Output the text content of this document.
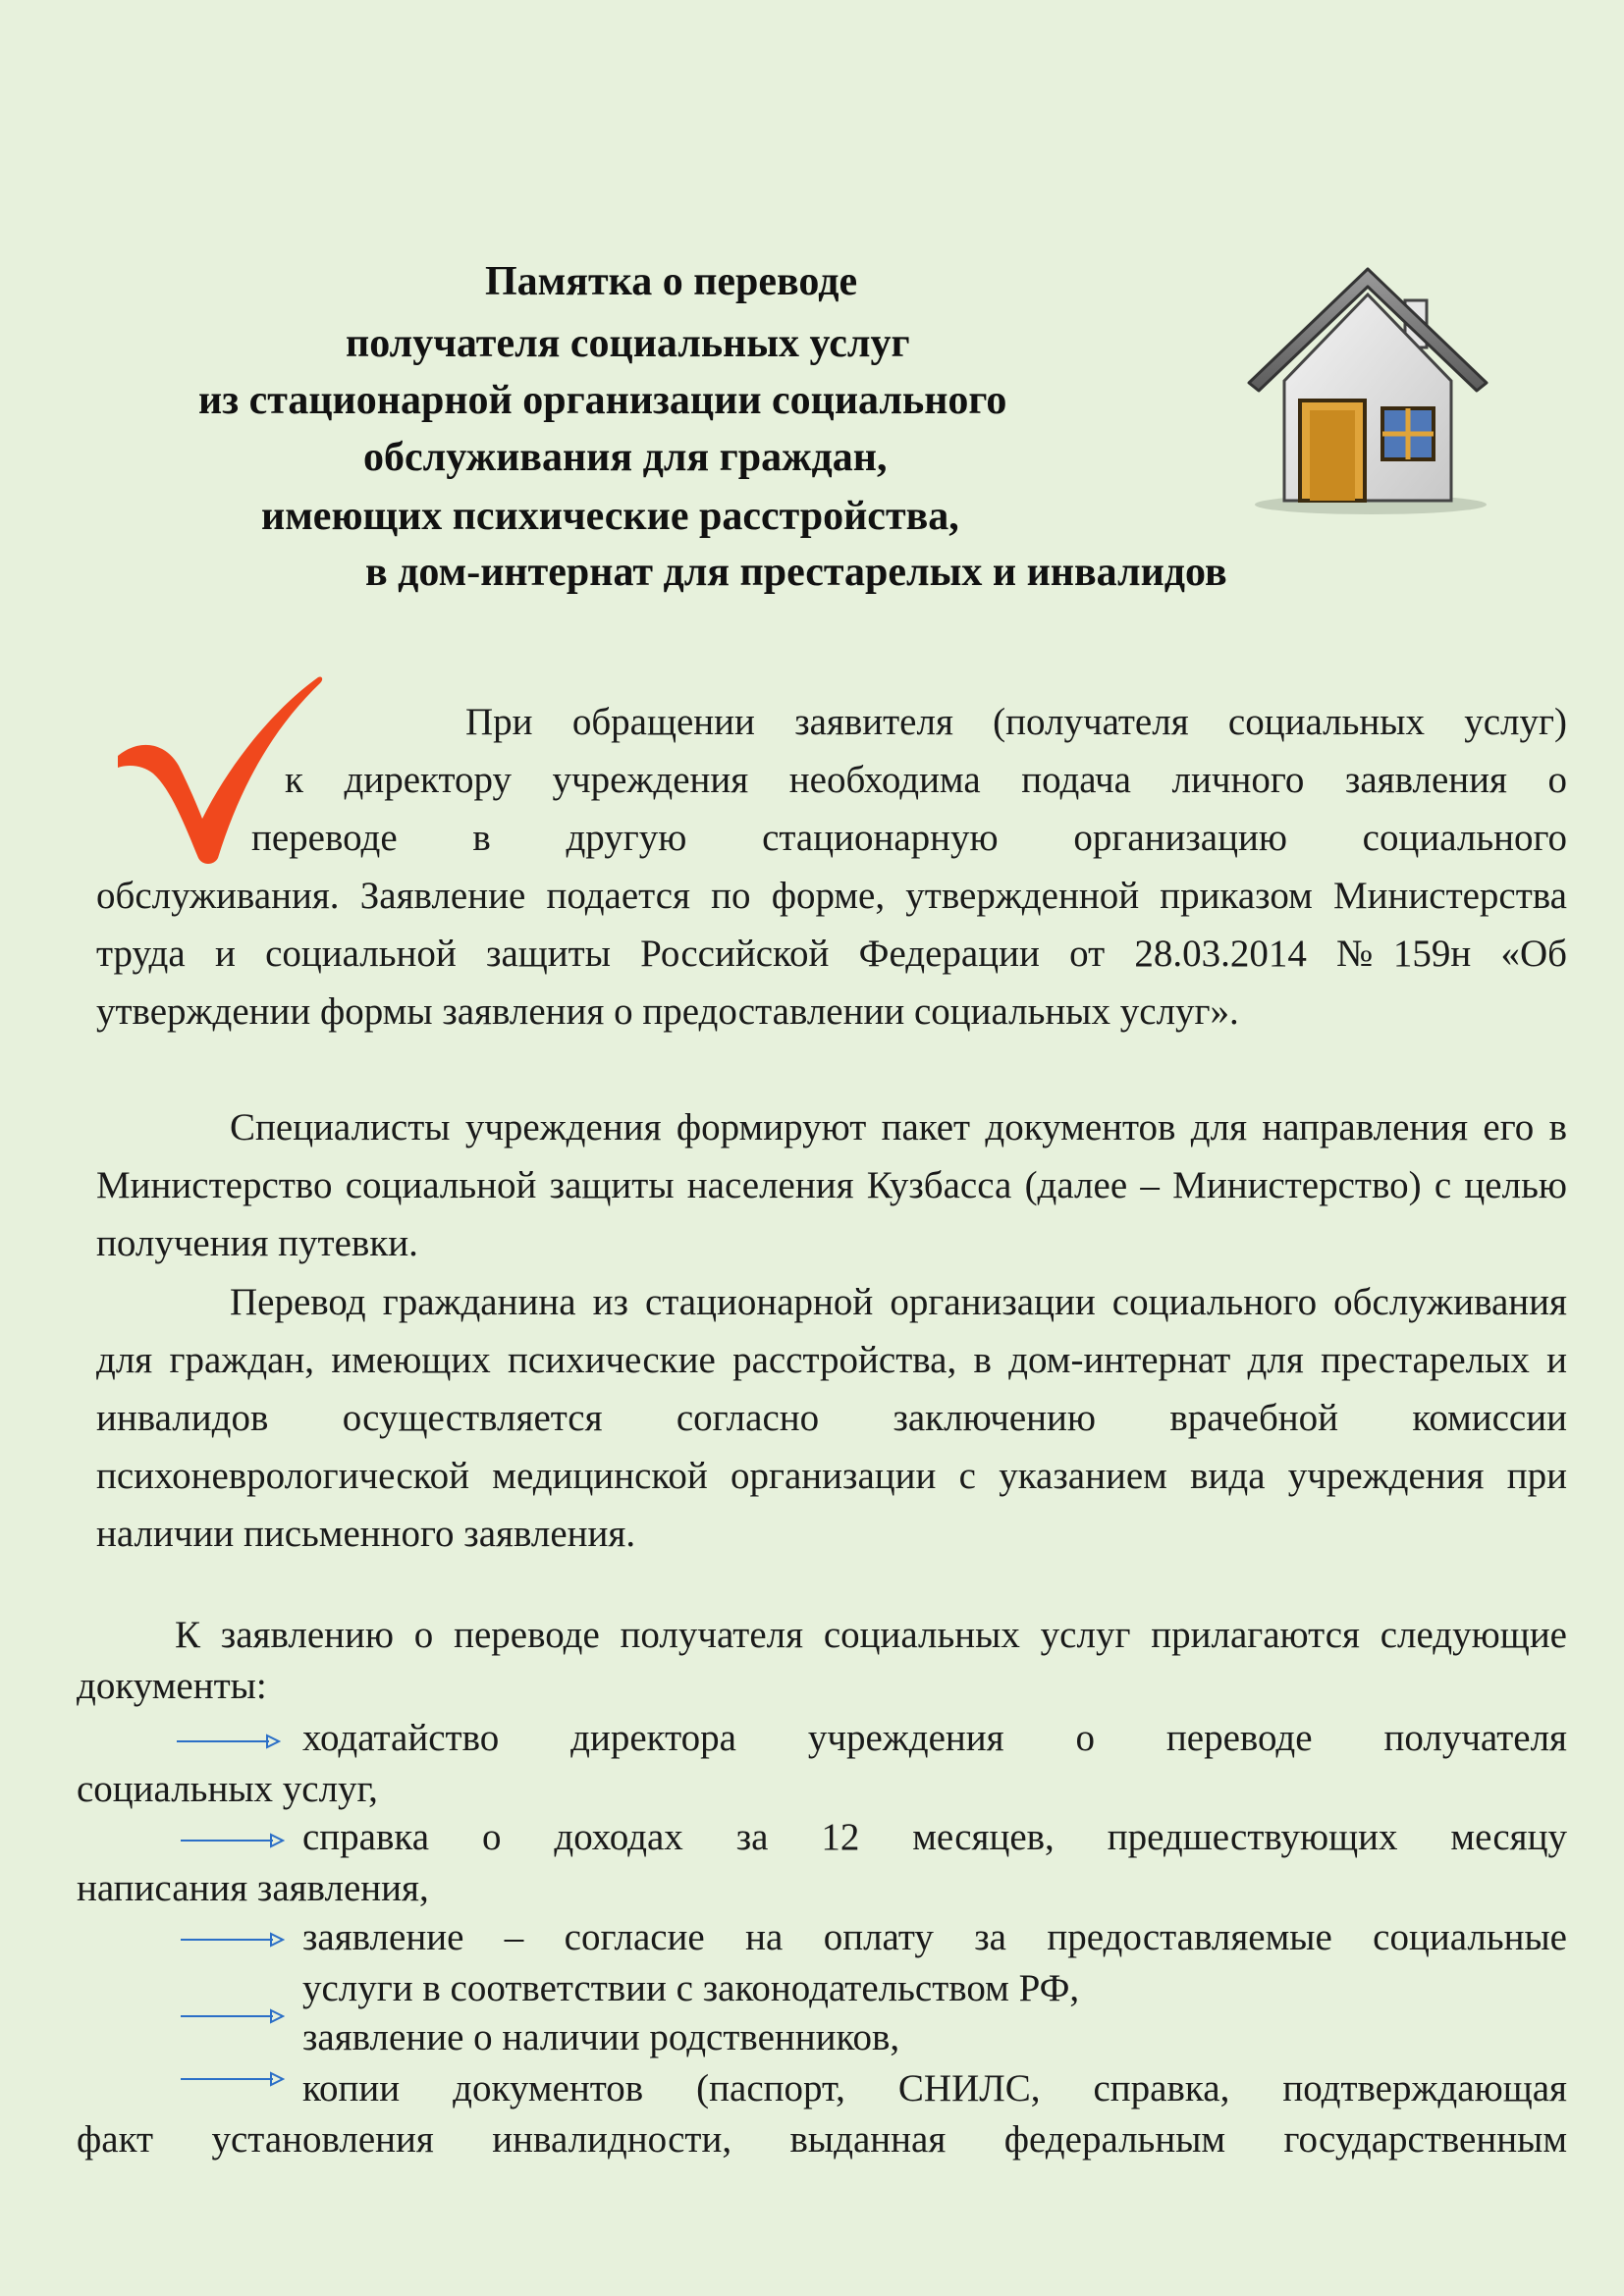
Памятка о переводе
получателя социальных услуг
из стационарной организации социального
обслуживания для граждан,
имеющих психические расстройства,
в дом-интернат для престарелых и инвалидов
При обращении заявителя (получателя социальных услуг)
к директору учреждения необходима подача личного заявления о
переводе в другую стационарную организацию социального
обслуживания. Заявление подается по форме, утвержденной приказом Министерства труда и социальной защиты Российской Федерации от 28.03.2014 №159н «Об утверждении формы заявления о предоставлении социальных услуг».
Специалисты учреждения формируют пакет документов для направления его в Министерство социальной защиты населения Кузбасса (далее – Министерство) с целью получения путевки.
Перевод гражданина из стационарной организации социального обслуживания для граждан, имеющих психические расстройства, в дом-интернат для престарелых и инвалидов осуществляется согласно заключению врачебной комиссии психоневрологической медицинской организации с указанием вида учреждения при наличии письменного заявления.
К заявлению о переводе получателя социальных услуг прилагаются следующие документы:
ходатайство директора учреждения о переводе получателя
социальных услуг,
справка о доходах за 12 месяцев, предшествующих месяцу
написания заявления,
заявление – согласие на оплату за предоставляемые социальные
услуги в соответствии с законодательством РФ,
заявление о наличии родственников,
копии документов (паспорт, СНИЛС, справка, подтверждающая
факт установления инвалидности, выданная федеральным государственным
